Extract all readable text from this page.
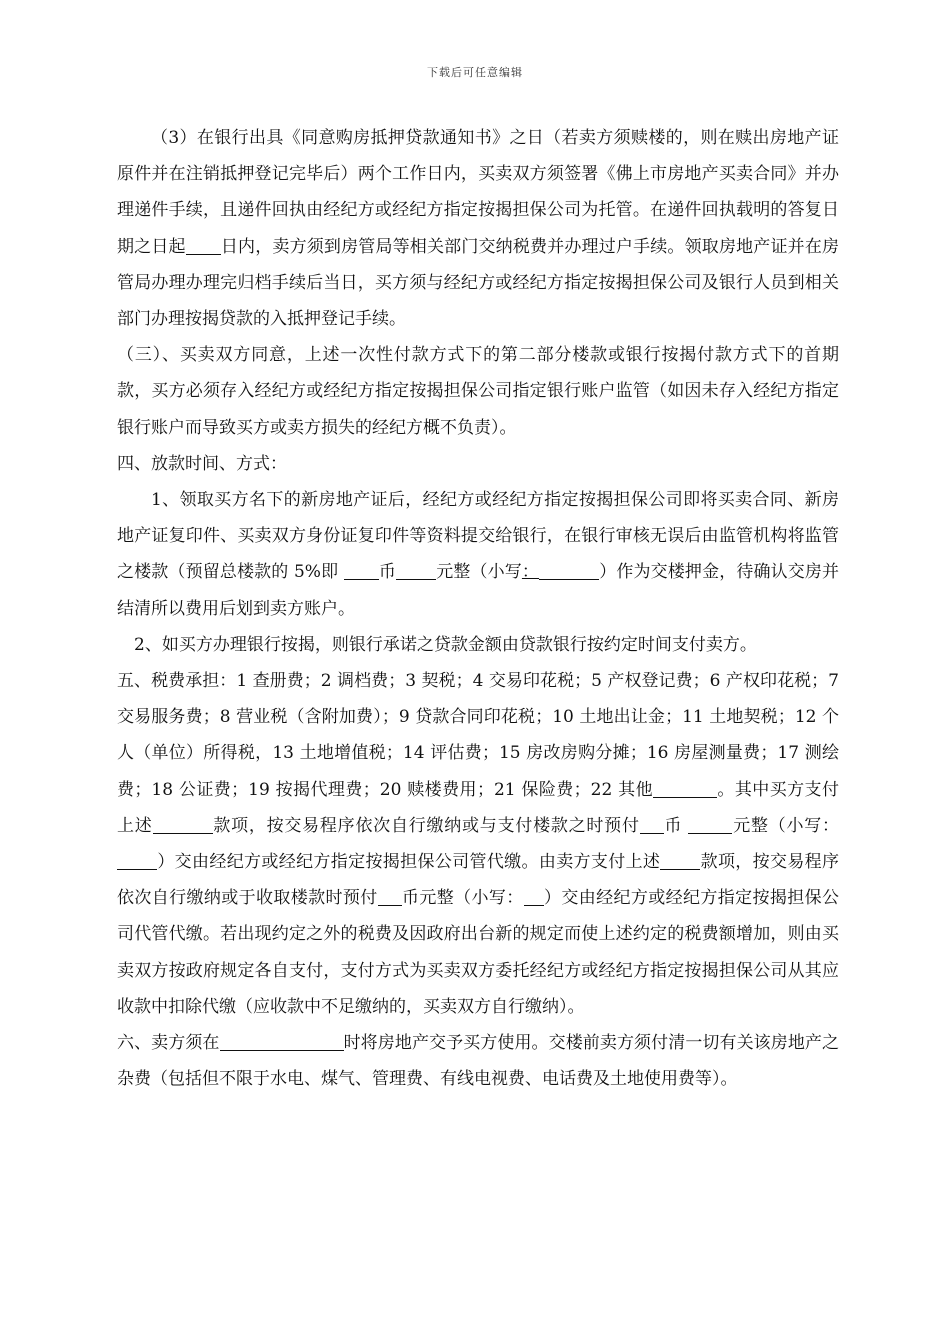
下载后可任意编辑

（3）在银行出具《同意购房抵押贷款通知书》之日（若卖方须赎楼的，则在赎出房地产证原件并在注销抵押登记完毕后）两个工作日内，买卖双方须签署《佛上市房地产买卖合同》并办理递件手续，且递件回执由经纪方或经纪方指定按揭担保公司为托管。在递件回执载明的答复日期之日起 日内，卖方须到房管局等相关部门交纳税费并办理过户手续。领取房地产证并在房管局办理办理完归档手续后当日，买方须与经纪方或经纪方指定按揭担保公司及银行人员到相关部门办理按揭贷款的入抵押登记手续。

（三）、买卖双方同意，上述一次性付款方式下的第二部分楼款或银行按揭付款方式下的首期款，买方必须存入经纪方或经纪方指定按揭担保公司指定银行账户监管（如因未存入经纪方指定银行账户而导致买方或卖方损失的经纪方概不负责）。

四、放款时间、方式：

1、领取买方名下的新房地产证后，经纪方或经纪方指定按揭担保公司即将买卖合同、新房地产证复印件、买卖双方身份证复印件等资料提交给银行，在银行审核无误后由监管机构将监管之楼款（预留总楼款的 5%即 币 元整（小写：	）作为交楼押金，待确认交房并结清所以费用后划到卖方账户。

2、如买方办理银行按揭，则银行承诺之贷款金额由贷款银行按约定时间支付卖方。

五、税费承担：1 查册费；2 调档费；3 契税；4 交易印花税；5 产权登记费；6 产权印花税；7 交易服务费；8 营业税（含附加费）；9 贷款合同印花税；10 土地出让金；11 土地契税；12 个人（单位）所得税，13 土地增值税；14 评估费；15 房改房购分摊；16 房屋测量费；17 测绘费；18 公证费；19 按揭代理费；20 赎楼费用；21 保险费；22 其他	。其中买方支付上述	款项，按交易程序依次自行缴纳或与支付楼款之时预付 币	元整（小写：）交由经纪方或经纪方指定按揭担保公司管代缴。由卖方支付上述 款项，按交易程序依次自行缴纳或于收取楼款时预付 币元整（小写： ）交由经纪方或经纪方指定按揭担保公司代管代缴。若出现约定之外的税费及因政府出台新的规定而使上述约定的税费额增加，则由买卖双方按政府规定各自支付，支付方式为买卖双方委托经纪方或经纪方指定按揭担保公司从其应收款中扣除代缴（应收款中不足缴纳的，买卖双方自行缴纳）。

六、卖方须在	时将房地产交予买方使用。交楼前卖方须付清一切有关该房地产之杂费（包括但不限于水电、煤气、管理费、有线电视费、电话费及土地使用费等）。
